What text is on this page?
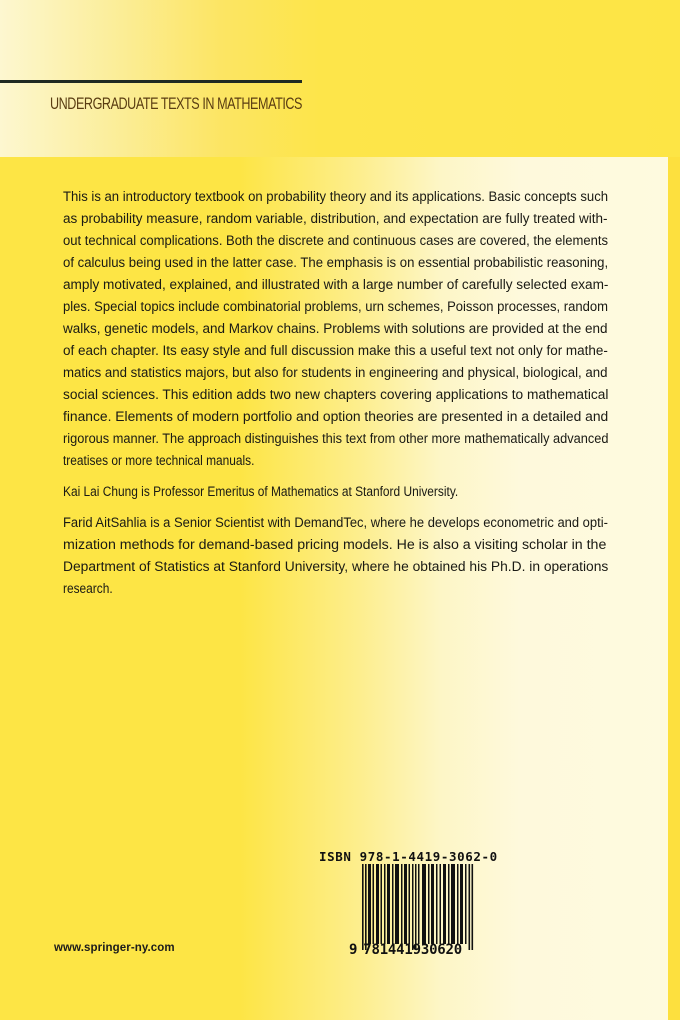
UNDERGRADUATE TEXTS IN MATHEMATICS
This is an introductory textbook on probability theory and its applications. Basic concepts such
as probability measure, random variable, distribution, and expectation are fully treated with-
out technical complications. Both the discrete and continuous cases are covered, the elements
of calculus being used in the latter case. The emphasis is on essential probabilistic reasoning,
amply motivated, explained, and illustrated with a large number of carefully selected exam-
ples. Special topics include combinatorial problems, urn schemes, Poisson processes, random
walks, genetic models, and Markov chains. Problems with solutions are provided at the end
of each chapter. Its easy style and full discussion make this a useful text not only for mathe-
matics and statistics majors, but also for students in engineering and physical, biological, and
social sciences. This edition adds two new chapters covering applications to mathematical
finance. Elements of modern portfolio and option theories are presented in a detailed and
rigorous manner. The approach distinguishes this text from other more mathematically advanced
treatises or more technical manuals.
Kai Lai Chung is Professor Emeritus of Mathematics at Stanford University.
Farid AitSahlia is a Senior Scientist with DemandTec, where he develops econometric and opti-
mization methods for demand-based pricing models. He is also a visiting scholar in the
Department of Statistics at Stanford University, where he obtained his Ph.D. in operations
research.
ISBN 978-1-4419-3062-0
9 781441930620
www.springer-ny.com
